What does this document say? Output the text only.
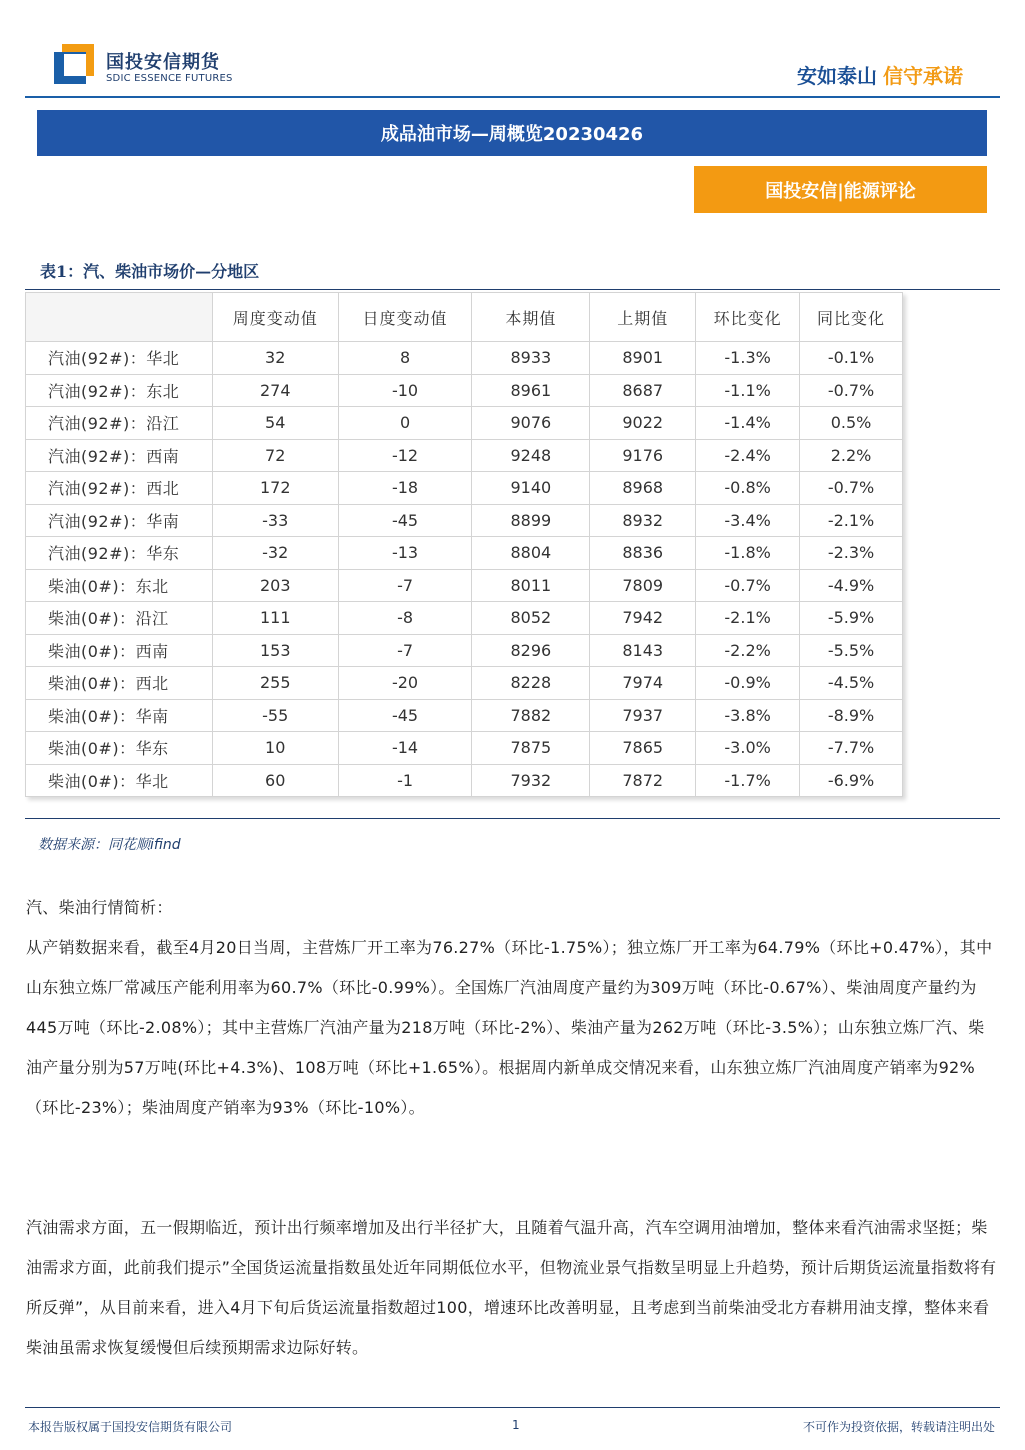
国投安信期货
SDIC ESSENCE FUTURES	安如泰山 信守承诺
成品油市场—周概览20230426
国投安信|能源评论
表1：汽、柴油市场价—分地区
	周度变动值	日度变动值	本期值	上期值	环比变化	同比变化
汽油(92#)：华北	32	8	8933	8901	-1.3%	-0.1%
汽油(92#)：东北	274	-10	8961	8687	-1.1%	-0.7%
汽油(92#)：沿江	54	0	9076	9022	-1.4%	0.5%
汽油(92#)：西南	72	-12	9248	9176	-2.4%	2.2%
汽油(92#)：西北	172	-18	9140	8968	-0.8%	-0.7%
汽油(92#)：华南	-33	-45	8899	8932	-3.4%	-2.1%
汽油(92#)：华东	-32	-13	8804	8836	-1.8%	-2.3%
柴油(0#)：东北	203	-7	8011	7809	-0.7%	-4.9%
柴油(0#)：沿江	111	-8	8052	7942	-2.1%	-5.9%
柴油(0#)：西南	153	-7	8296	8143	-2.2%	-5.5%
柴油(0#)：西北	255	-20	8228	7974	-0.9%	-4.5%
柴油(0#)：华南	-55	-45	7882	7937	-3.8%	-8.9%
柴油(0#)：华东	10	-14	7875	7865	-3.0%	-7.7%
柴油(0#)：华北	60	-1	7932	7872	-1.7%	-6.9%
数据来源：同花顺ifind
汽、柴油行情简析：
从产销数据来看，截至4月20日当周，主营炼厂开工率为76.27%（环比-1.75%）；独立炼厂开工率为64.79%（环比+0.47%），其中山东独立炼厂常减压产能利用率为60.7%（环比-0.99%）。全国炼厂汽油周度产量约为309万吨（环比-0.67%）、柴油周度产量约为445万吨（环比-2.08%）；其中主营炼厂汽油产量为218万吨（环比-2%）、柴油产量为262万吨（环比-3.5%）；山东独立炼厂汽、柴油产量分别为57万吨(环比+4.3%)、108万吨（环比+1.65%）。根据周内新单成交情况来看，山东独立炼厂汽油周度产销率为92%（环比-23%）；柴油周度产销率为93%（环比-10%）。
汽油需求方面，五一假期临近，预计出行频率增加及出行半径扩大，且随着气温升高，汽车空调用油增加，整体来看汽油需求坚挺；柴油需求方面，此前我们提示”全国货运流量指数虽处近年同期低位水平，但物流业景气指数呈明显上升趋势，预计后期货运流量指数将有所反弹”，从目前来看，进入4月下旬后货运流量指数超过100，增速环比改善明显，且考虑到当前柴油受北方春耕用油支撑，整体来看柴油虽需求恢复缓慢但后续预期需求边际好转。
本报告版权属于国投安信期货有限公司	1	不可作为投资依据，转载请注明出处
